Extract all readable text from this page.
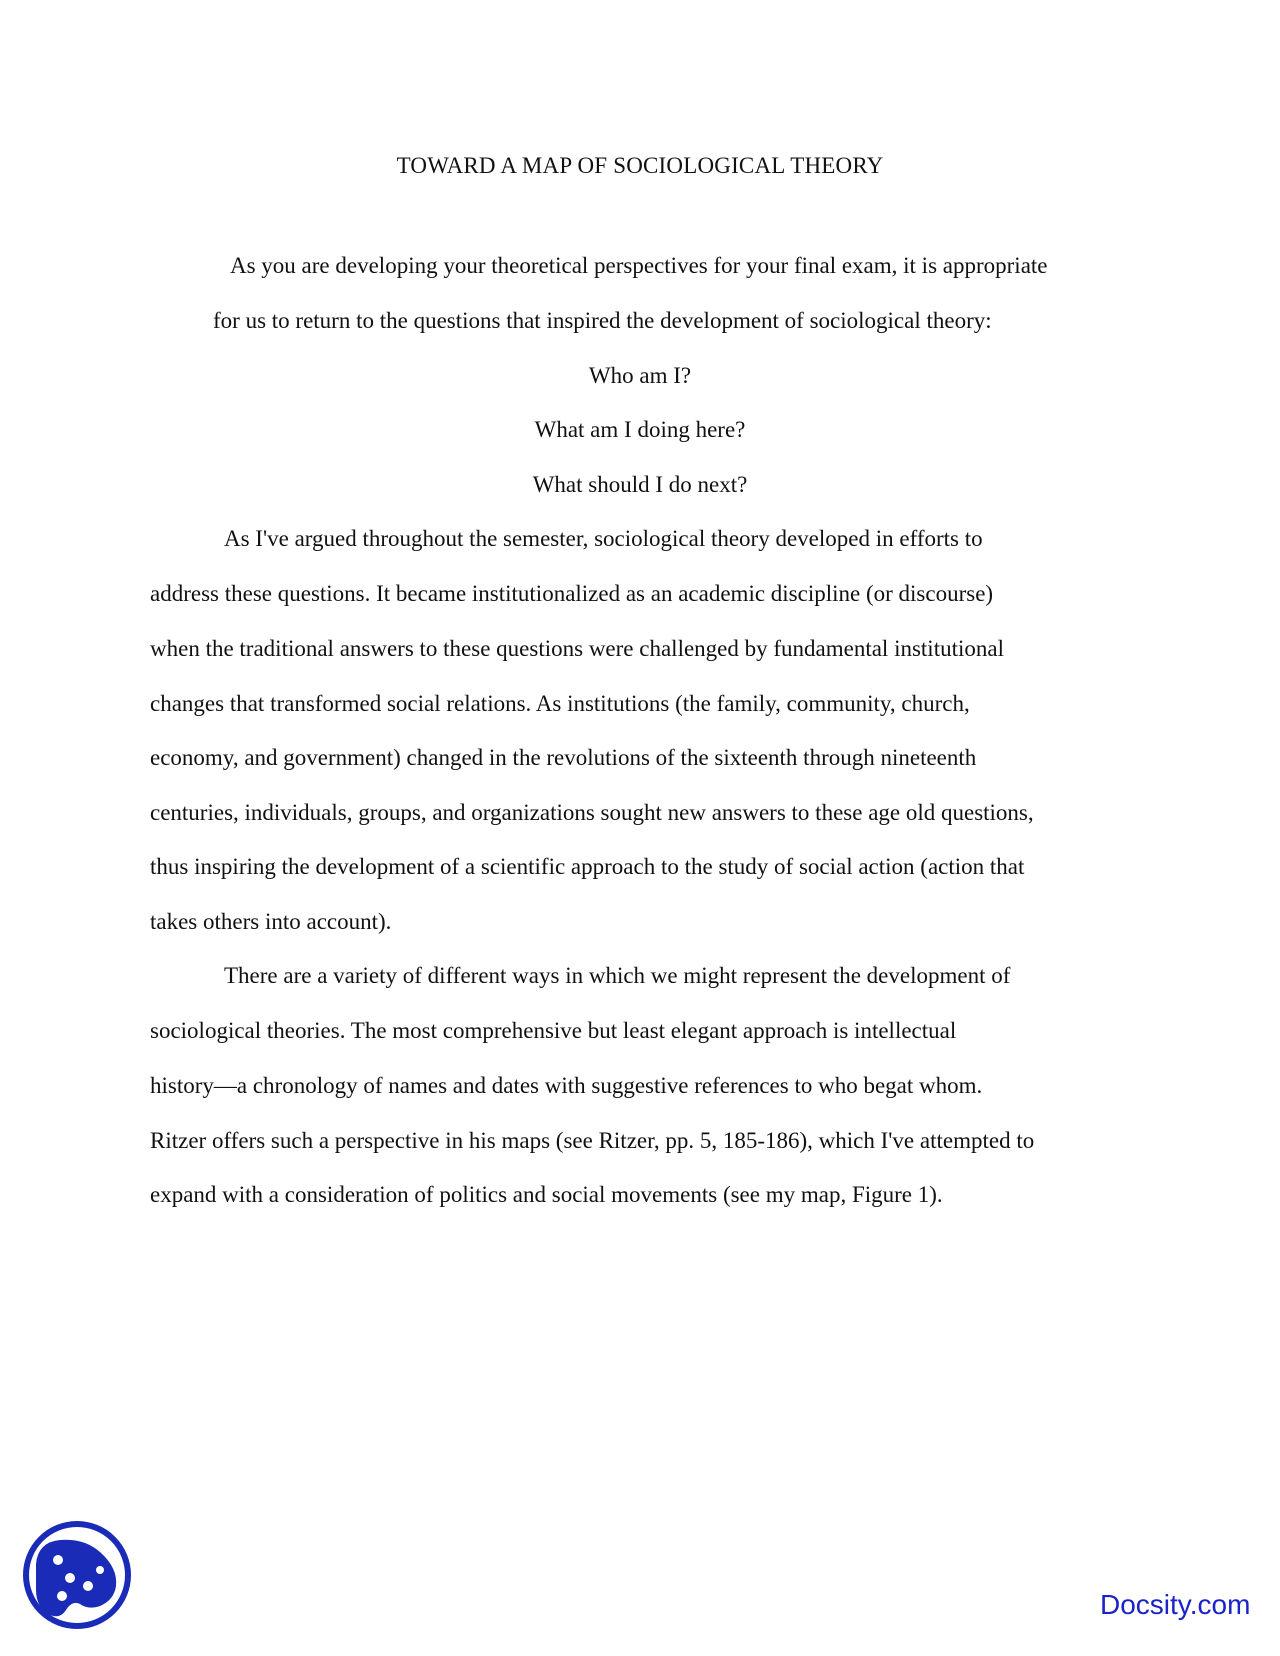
TOWARD A MAP OF SOCIOLOGICAL THEORY
As you are developing your theoretical perspectives for your final exam, it is appropriate
for us to return to the questions that inspired the development of sociological theory:
Who am I?
What am I doing here?
What should I do next?
As I've argued throughout the semester, sociological theory developed in efforts to
address these questions. It became institutionalized as an academic discipline (or discourse)
when the traditional answers to these questions were challenged by fundamental institutional
changes that transformed social relations. As institutions (the family, community, church,
economy, and government) changed in the revolutions of the sixteenth through nineteenth
centuries, individuals, groups, and organizations sought new answers to these age old questions,
thus inspiring the development of a scientific approach to the study of social action (action that
takes others into account).
There are a variety of different ways in which we might represent the development of
sociological theories. The most comprehensive but least elegant approach is intellectual
history—a chronology of names and dates with suggestive references to who begat whom.
Ritzer offers such a perspective in his maps (see Ritzer, pp. 5, 185-186), which I've attempted to
expand with a consideration of politics and social movements (see my map, Figure 1).
Docsity.com
